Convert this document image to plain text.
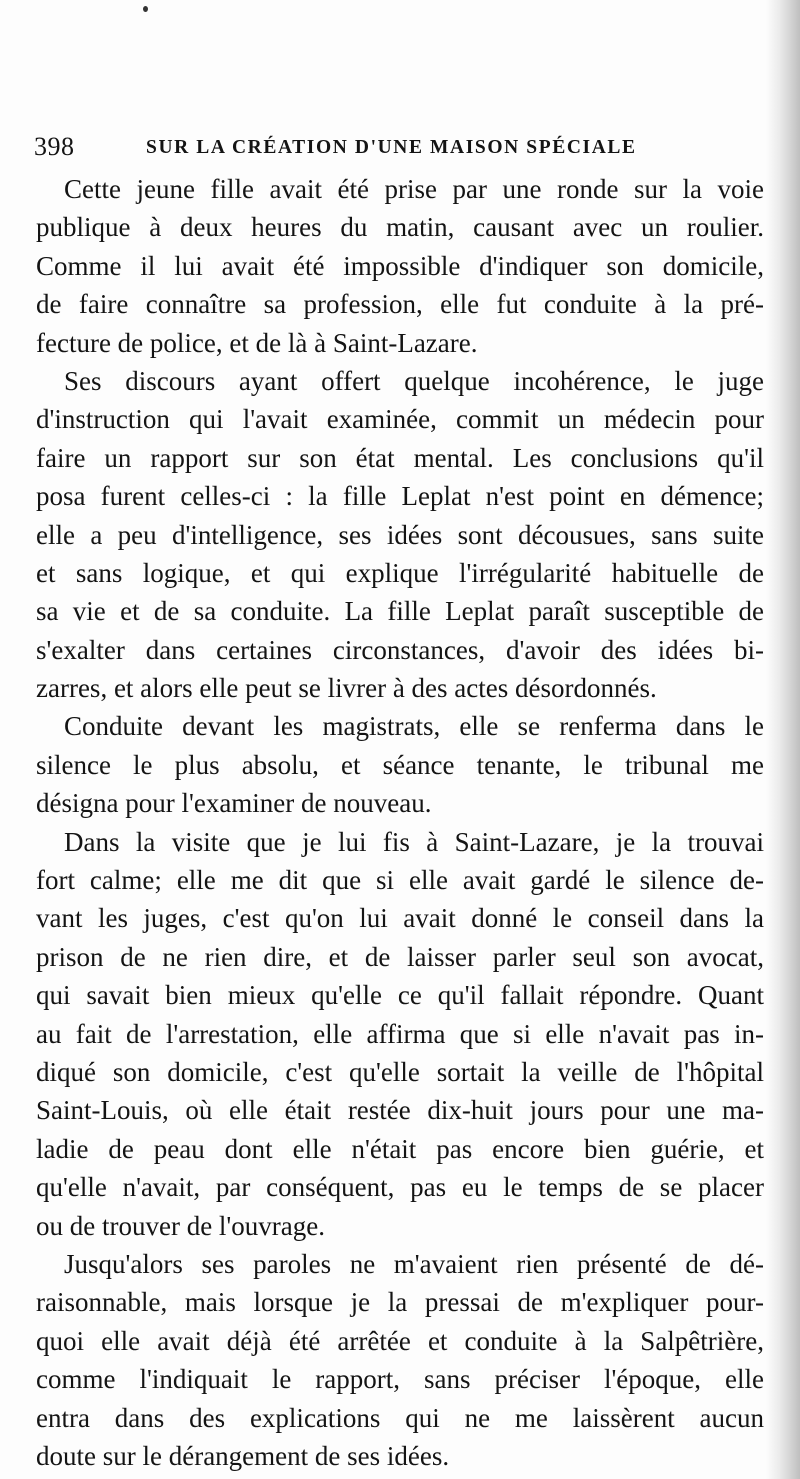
398	SUR LA CRÉATION D'UNE MAISON SPÉCIALE
Cette jeune fille avait été prise par une ronde sur la voie
publique à deux heures du matin, causant avec un roulier.
Comme il lui avait été impossible d'indiquer son domicile,
de faire connaître sa profession, elle fut conduite à la pré-
fecture de police, et de là à Saint-Lazare.
Ses discours ayant offert quelque incohérence, le juge
d'instruction qui l'avait examinée, commit un médecin pour
faire un rapport sur son état mental. Les conclusions qu'il
posa furent celles-ci : la fille Leplat n'est point en démence;
elle a peu d'intelligence, ses idées sont décousues, sans suite
et sans logique, et qui explique l'irrégularité habituelle de
sa vie et de sa conduite. La fille Leplat paraît susceptible de
s'exalter dans certaines circonstances, d'avoir des idées bi-
zarres, et alors elle peut se livrer à des actes désordonnés.
Conduite devant les magistrats, elle se renferma dans le
silence le plus absolu, et séance tenante, le tribunal me
désigna pour l'examiner de nouveau.
Dans la visite que je lui fis à Saint-Lazare, je la trouvai
fort calme; elle me dit que si elle avait gardé le silence de-
vant les juges, c'est qu'on lui avait donné le conseil dans la
prison de ne rien dire, et de laisser parler seul son avocat,
qui savait bien mieux qu'elle ce qu'il fallait répondre. Quant
au fait de l'arrestation, elle affirma que si elle n'avait pas in-
diqué son domicile, c'est qu'elle sortait la veille de l'hôpital
Saint-Louis, où elle était restée dix-huit jours pour une ma-
ladie de peau dont elle n'était pas encore bien guérie, et
qu'elle n'avait, par conséquent, pas eu le temps de se placer
ou de trouver de l'ouvrage.
Jusqu'alors ses paroles ne m'avaient rien présenté de dé-
raisonnable, mais lorsque je la pressai de m'expliquer pour-
quoi elle avait déjà été arrêtée et conduite à la Salpêtrière,
comme l'indiquait le rapport, sans préciser l'époque, elle
entra dans des explications qui ne me laissèrent aucun
doute sur le dérangement de ses idées.
